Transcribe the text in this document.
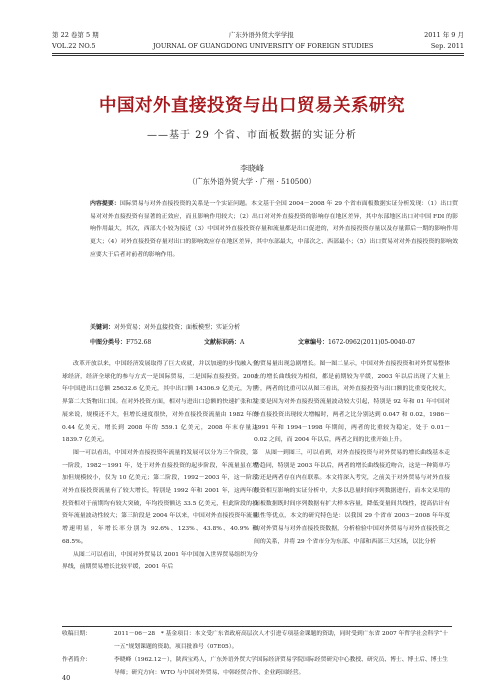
第 22 卷第 5 期	广东外语外贸大学学报	2011 年 9 月
VOL.22 NO.5	JOURNAL OF GUANGDONG UNIVERSITY OF FOREIGN STUDIES	Sep. 2011
中国对外直接投资与出口贸易关系研究
——基于 29 个省、市面板数据的实证分析
李晓峰
（广东外语外贸大学 · 广州 · 510500）
内容提要：国际贸易与对外直接投资的关系是一个实证问题。本文基于全国 2004－2008 年 29 个省市面板数据实证分析发现：（1）出口贸易对对外直接投资有显著的正效应，而且影响作用较大；（2）出口对对外直接投资的影响存在地区差异，其中东部地区出口对中国 FDI 的影响作用最大，其次，西部大小较为接近（3）中国对外直接投资存量和流量都是出口促进的，对外直接投资存量以及存量滞后一期的影响作用更大；（4）对外直接投资存量对出口的影响效应存在地区差异，其中东部最大，中部次之、西部最小；（5）出口贸易对对外直接投资的影响效应要大于后者对前者的影响作用。
关键词：对外贸易；对外直接投资；面板模型；实证分析
中图分类号：F752.68	文献标识码：A	文章编号：1672-0962(2011)05-0040-07

改革开放以来，中国经济发展取得了巨大成就，并以加速的步伐融入全球经济，经济全球化的参与方式一是国际贸易，二是国际直接投资。2008 年中国进出口总额 25632.6 亿美元，其中出口额 14306.9 亿美元，为世界第二大货物出口国。在对外投资方面，相对与进出口总额的快速扩张和发展来说，规模还不大，但增长速度很快，对外直接投资流量由 1982 年的 0.44 亿美元，增长到 2008 年的 559.1 亿美元，2008 年末存量达 1839.7 亿美元。

图一可以看出，中国对外直接投资年流量的发展可以分为三个阶段，第一阶段，1982－1991 年，处于对外直接投资的起步阶段，年流量虽在增加但规模较小，仅为 10 亿美元；第二阶段，1992－2003 年，这一阶段对外直接投资流量有了较大增长，特别是 1992 年和 2001 年，这两年的投资相对于前期均有较大突破，年均投资额达 33.5 亿美元，但此阶段的投资年流量波动性较大；第三阶段是 2004 年以来，中国对外直接投资年流量增速明显，年增长率分别为 92.6%、123%、43.8%、40.9% 和 68.5%。

从图二可以看出，中国对外贸易以 2001 年中国加入世界贸易组织为分界线，前期贸易增长比较平缓，2001 年后

的贸易量出现急剧增长。图一图二显示，中国对外直接投资和对外贸易整体上的增长曲线较为相似，都是前期较为平缓，2003 年以后出现了大量上升，两者的比重可以从图三看出，对外直接投资与出口额的比重变化较大，主要是因为对外直接投资流量波动较大引起，特别是 92 年和 01 年中国对外直接投资出现较大增幅时，两者之比分别达到 0.047 和 0.02，1986－1991 年和 1994－1998 年期间，两者的比重较为稳定，处于 0.01－0.02 之间，而 2004 年以后，两者之间的比重开始上升。

从图一到图三，可以看到，对外直接投资与对外贸易的增长曲线基本走势趋同，特别是 2003 年以后，两者的增长曲线接近吻合，这是一种简单巧合还是两者存在内在联系。本文将深入考究，之前关于对外贸易与对外直接投资相互影响的实证分析中，大多以总量时间序列数据进行，而本文采用的面板数据既时间序列数据有扩大样本容量，降低变量间共线性，提高估计有限性等优点，本文的研究特色是：以我国 29 个省市 2003－2008 年年度的对外贸易与对外直接投资数据，分析检验中国对外贸易与对外直接投资之间的关系，并将 29 个省市分为东部、中部和西部三大区域，以比分析

收稿日期：	2011－06－28　* 基金项目：本文受广东省政府高层次人才引进专项基金课题的资助，同时受到广东省 2007 年哲学社会科学“十一五”规划课题的资助，项目批准号（07E05）。
作者简介：	李晓峰（1962.12－），陕西宝鸡人，广东外语外贸大学国际经济贸易学院国际经贸研究中心教授、研究员、博士、博士后、博士生导师；研究方向：WTO 与中国对外贸易、中韩经贸合作、企业跨国经营。
40
